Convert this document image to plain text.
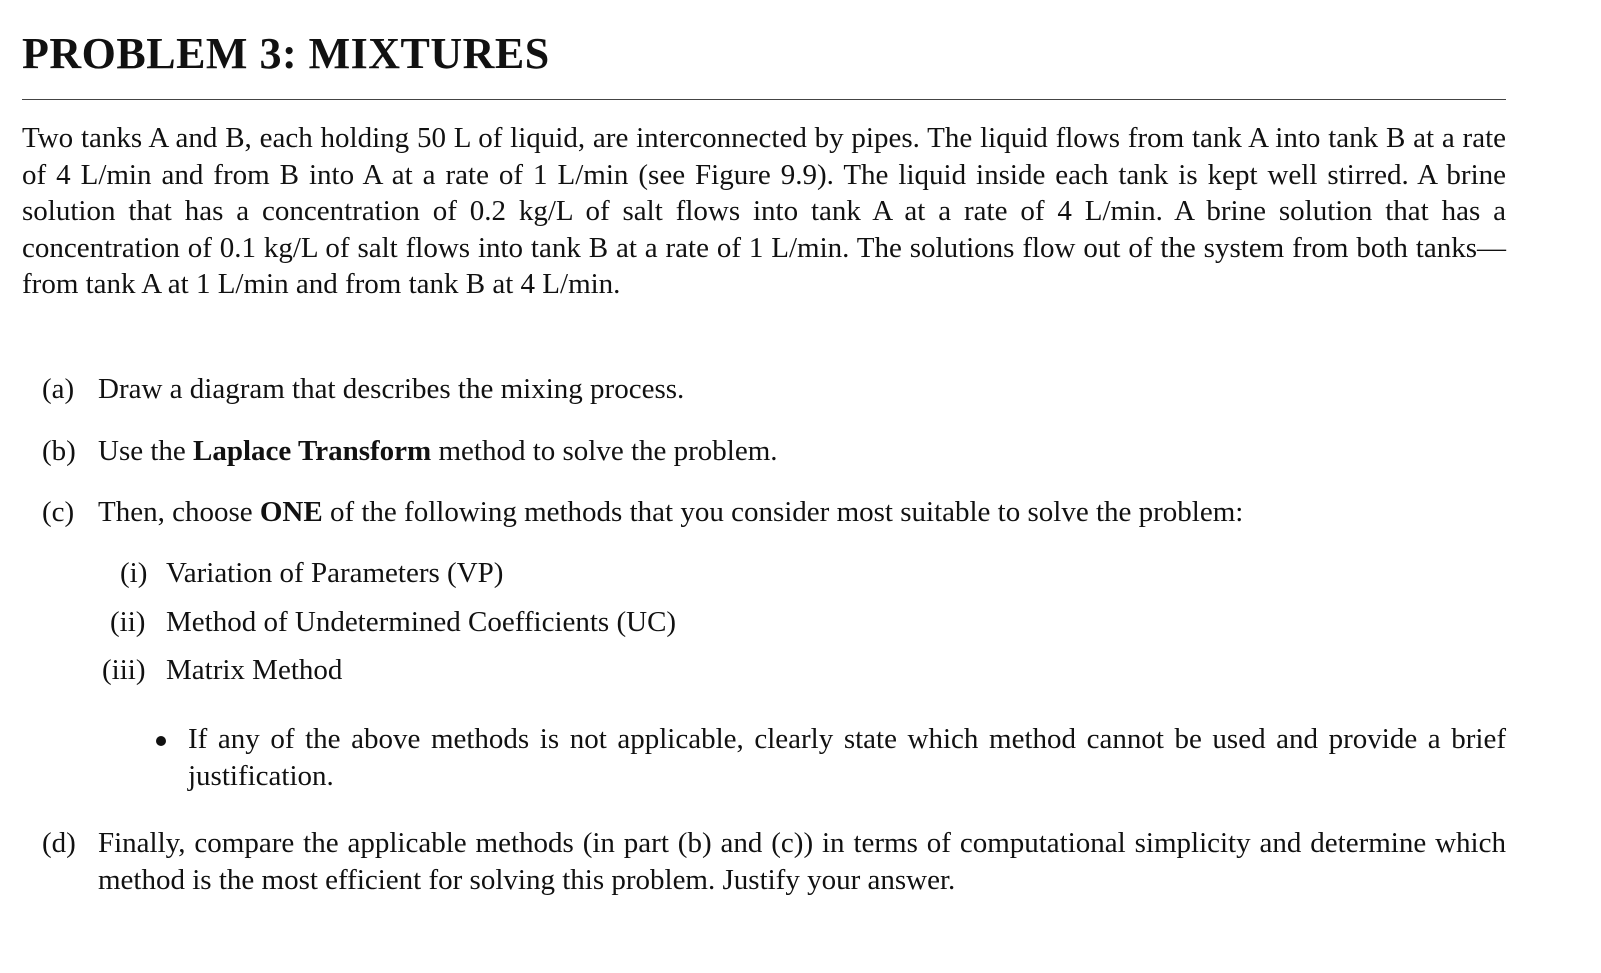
PROBLEM 3: MIXTURES

Two tanks A and B, each holding 50 L of liquid, are interconnected by pipes. The liquid flows from tank A into tank B at a rate of 4 L/min and from B into A at a rate of 1 L/min (see Figure 9.9). The liquid inside each tank is kept well stirred. A brine solution that has a concentration of 0.2 kg/L of salt flows into tank A at a rate of 4 L/min. A brine solution that has a concentration of 0.1 kg/L of salt flows into tank B at a rate of 1 L/min. The solutions flow out of the system from both tanks—from tank A at 1 L/min and from tank B at 4 L/min.

(a) Draw a diagram that describes the mixing process.
(b) Use the Laplace Transform method to solve the problem.
(c) Then, choose ONE of the following methods that you consider most suitable to solve the problem:
(i) Variation of Parameters (VP)
(ii) Method of Undetermined Coefficients (UC)
(iii) Matrix Method
If any of the above methods is not applicable, clearly state which method cannot be used and provide a brief justification.
(d) Finally, compare the applicable methods (in part (b) and (c)) in terms of computational simplicity and determine which method is the most efficient for solving this problem. Justify your answer.
